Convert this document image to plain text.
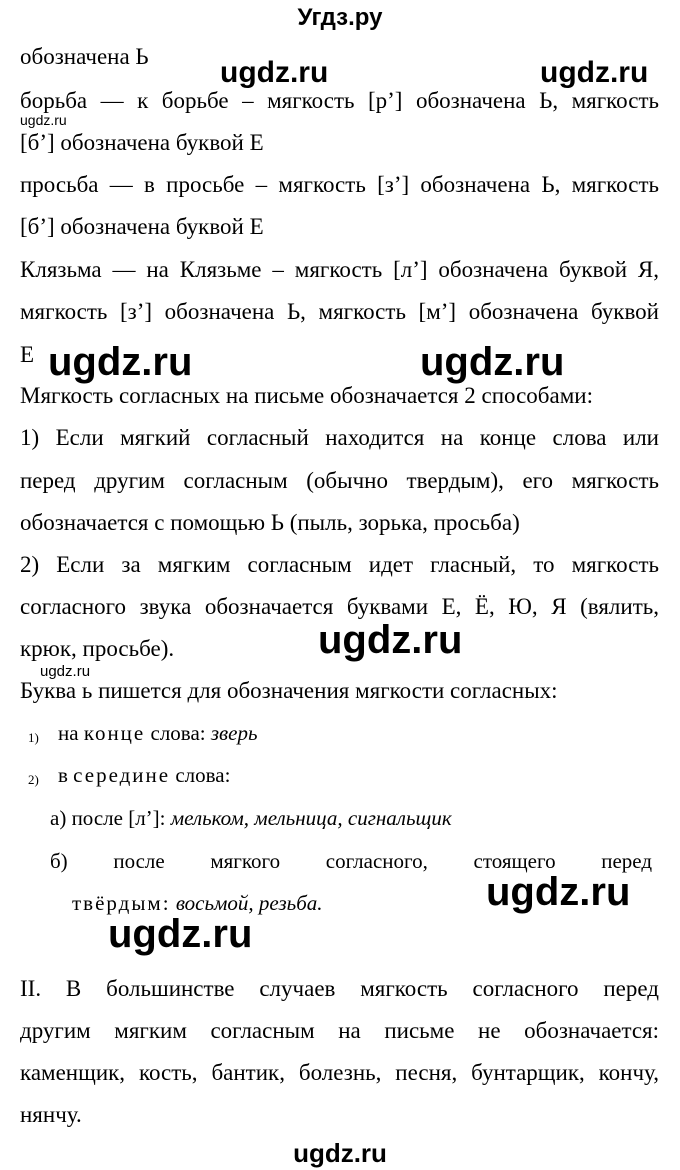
Угдз.ру
обозначена Ь ugdz.ru	ugdz.ru
борьба — к борьбе – мягкость [р’] обозначена Ь, мягкость
ugdz.ru
[б’] обозначена буквой Е
просьба — в просьбе – мягкость [з’] обозначена Ь, мягкость
[б’] обозначена буквой Е
Клязьма — на Клязьме – мягкость [л’] обозначена буквой Я,
мягкость [з’] обозначена Ь, мягкость [м’] обозначена буквой
Е ugdz.ru	ugdz.ru
Мягкость согласных на письме обозначается 2 способами:
1) Если мягкий согласный находится на конце слова или
перед другим согласным (обычно твердым), его мягкость
обозначается с помощью Ь (пыль, зорька, просьба)
2) Если за мягким согласным идет гласный, то мягкость
согласного звука обозначается буквами Е, Ё, Ю, Я (вялить,
крюк, просьбе).	ugdz.ru
ugdz.ru
Буква ь пишется для обозначения мягкости согласных:
1) на конце слова: зверь
2) в середине слова:
а) после [л’]: мельком, мельница, сигнальщик
б) после мягкого согласного, стоящего перед
твёрдым: восьмой, резьба.	ugdz.ru
ugdz.ru
II. В большинстве случаев мягкость согласного перед
другим мягким согласным на письме не обозначается:
каменщик, кость, бантик, болезнь, песня, бунтарщик, кончу,
нянчу.
ugdz.ru
